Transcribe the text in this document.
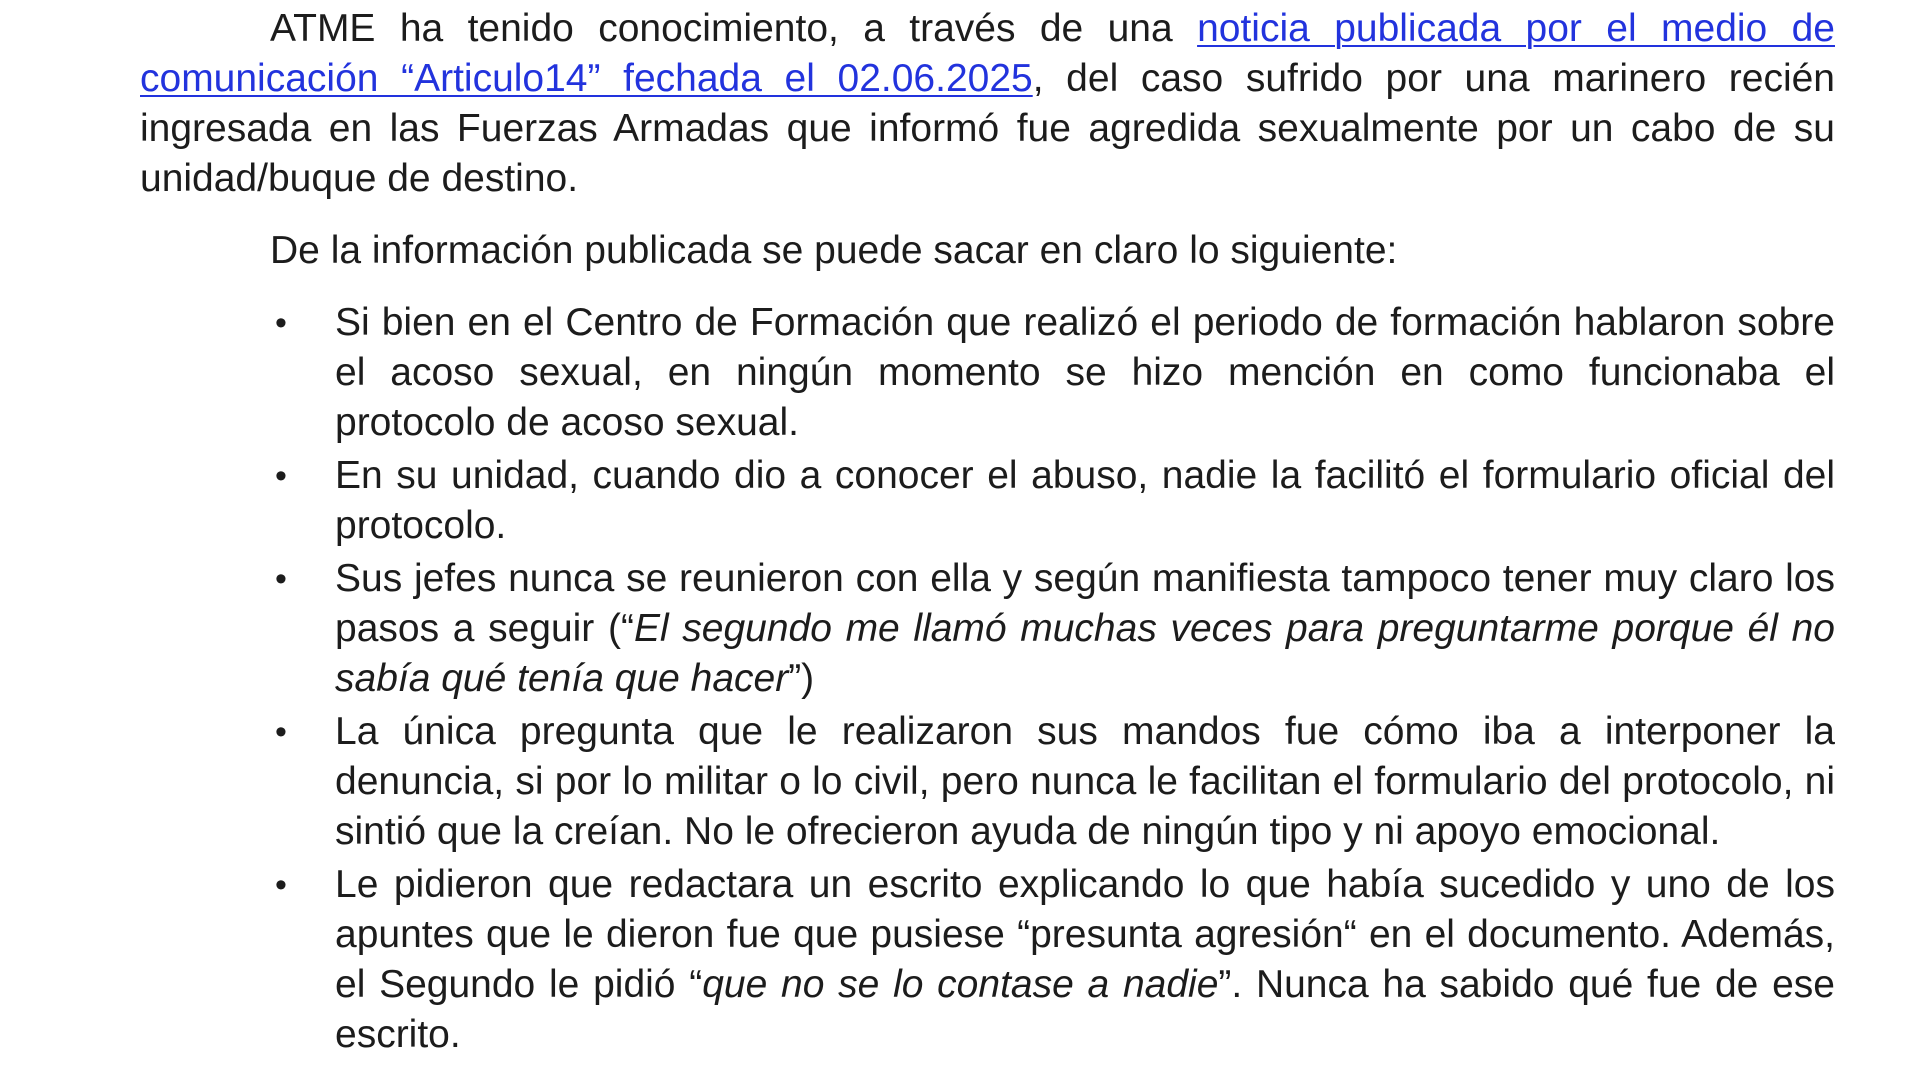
ATME ha tenido conocimiento, a través de una noticia publicada por el medio de comunicación “Articulo14” fechada el 02.06.2025, del caso sufrido por una marinero recién ingresada en las Fuerzas Armadas que informó fue agredida sexualmente por un cabo de su unidad/buque de destino.

De la información publicada se puede sacar en claro lo siguiente:

• Si bien en el Centro de Formación que realizó el periodo de formación hablaron sobre el acoso sexual, en ningún momento se hizo mención en como funcionaba el protocolo de acoso sexual.
• En su unidad, cuando dio a conocer el abuso, nadie la facilitó el formulario oficial del protocolo.
• Sus jefes nunca se reunieron con ella y según manifiesta tampoco tener muy claro los pasos a seguir (“El segundo me llamó muchas veces para preguntarme porque él no sabía qué tenía que hacer”)
• La única pregunta que le realizaron sus mandos fue cómo iba a interponer la denuncia, si por lo militar o lo civil, pero nunca le facilitan el formulario del protocolo, ni sintió que la creían. No le ofrecieron ayuda de ningún tipo y ni apoyo emocional.
• Le pidieron que redactara un escrito explicando lo que había sucedido y uno de los apuntes que le dieron fue que pusiese “presunta agresión“ en el documento. Además, el Segundo le pidió “que no se lo contase a nadie”. Nunca ha sabido qué fue de ese escrito.
